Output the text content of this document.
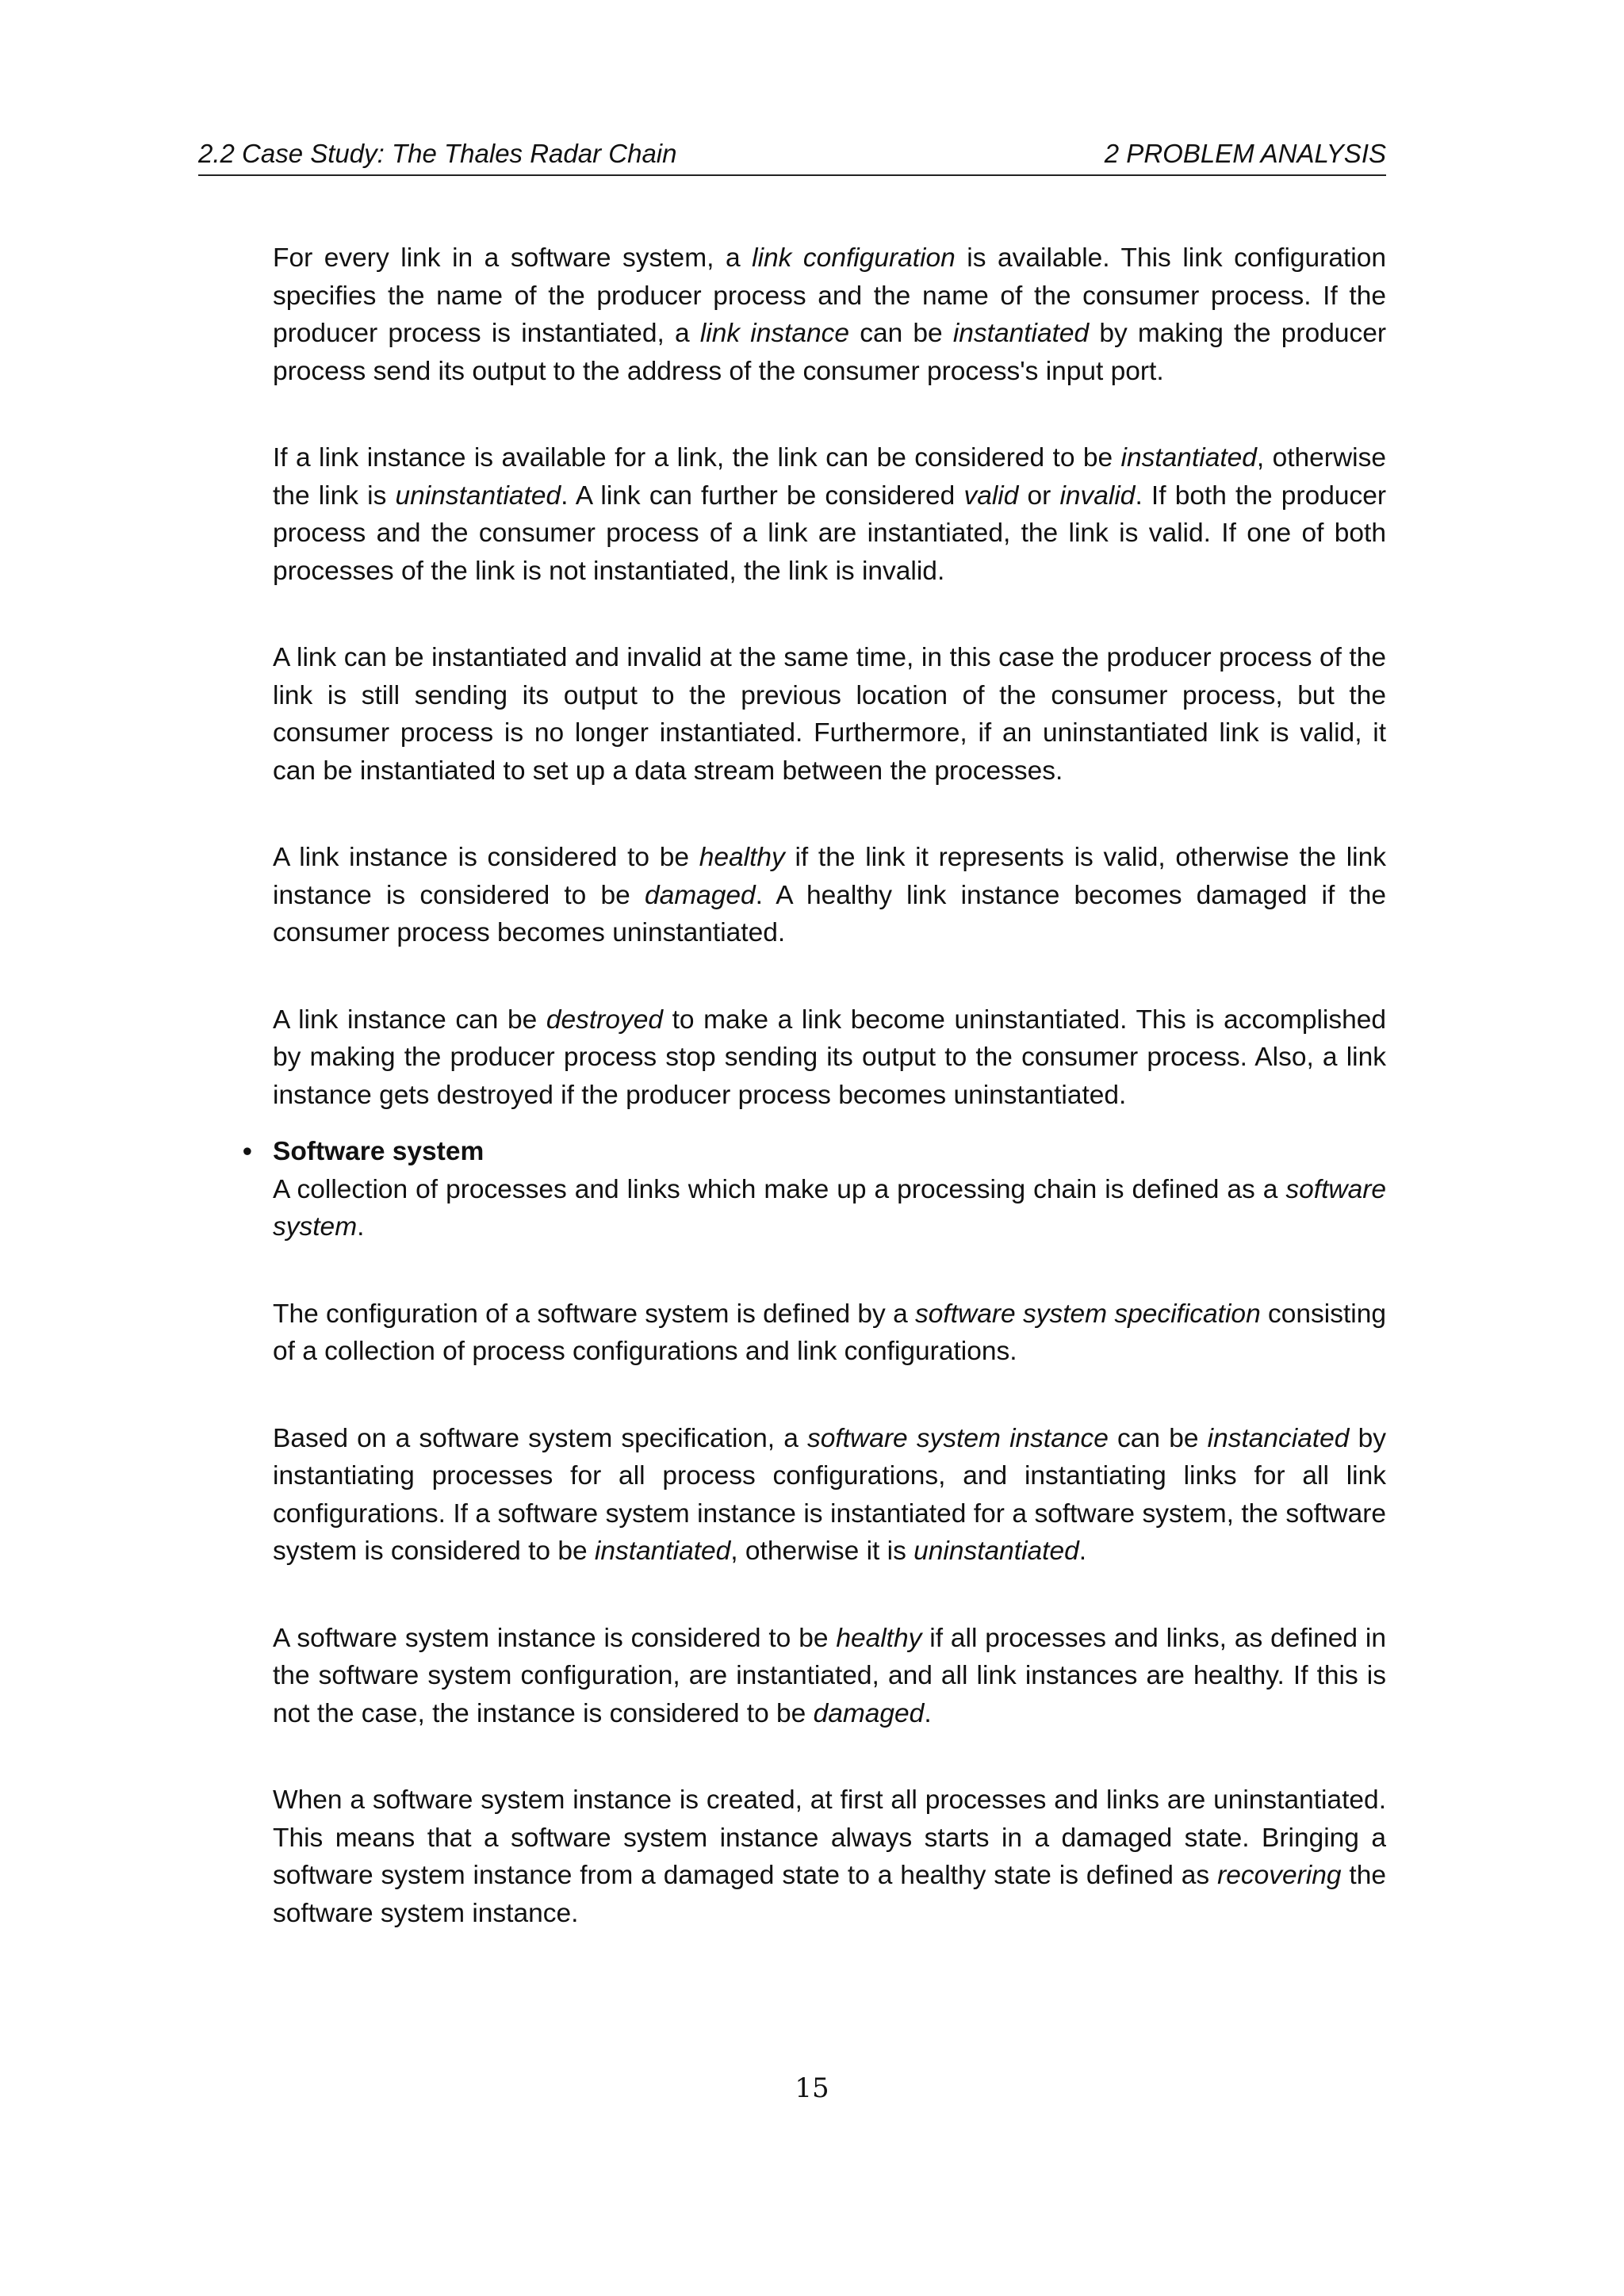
2.2 Case Study: The Thales Radar Chain	2 PROBLEM ANALYSIS

For every link in a software system, a link configuration is available. This link configuration specifies the name of the producer process and the name of the consumer process. If the producer process is instantiated, a link instance can be instantiated by making the producer process send its output to the address of the consumer process's input port.

If a link instance is available for a link, the link can be considered to be instantiated, otherwise the link is uninstantiated. A link can further be considered valid or invalid. If both the producer process and the consumer process of a link are instantiated, the link is valid. If one of both processes of the link is not instantiated, the link is invalid.

A link can be instantiated and invalid at the same time, in this case the producer process of the link is still sending its output to the previous location of the consumer process, but the consumer process is no longer instantiated. Furthermore, if an uninstantiated link is valid, it can be instantiated to set up a data stream between the processes.

A link instance is considered to be healthy if the link it represents is valid, otherwise the link instance is considered to be damaged. A healthy link instance becomes damaged if the consumer process becomes uninstantiated.

A link instance can be destroyed to make a link become uninstantiated. This is accomplished by making the producer process stop sending its output to the consumer process. Also, a link instance gets destroyed if the producer process becomes uninstantiated.

• Software system
A collection of processes and links which make up a processing chain is defined as a software system.

The configuration of a software system is defined by a software system specification consisting of a collection of process configurations and link configurations.

Based on a software system specification, a software system instance can be instanciated by instantiating processes for all process configurations, and instantiating links for all link configurations. If a software system instance is instantiated for a software system, the software system is considered to be instantiated, otherwise it is uninstantiated.

A software system instance is considered to be healthy if all processes and links, as defined in the software system configuration, are instantiated, and all link instances are healthy. If this is not the case, the instance is considered to be damaged.

When a software system instance is created, at first all processes and links are uninstantiated. This means that a software system instance always starts in a damaged state. Bringing a software system instance from a damaged state to a healthy state is defined as recovering the software system instance.

15
